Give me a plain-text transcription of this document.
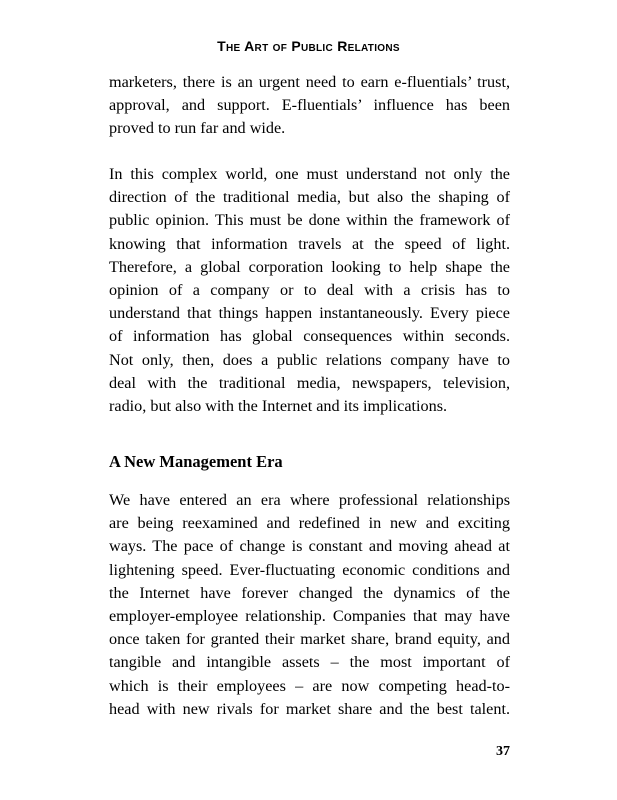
The Art of Public Relations
marketers, there is an urgent need to earn e-fluentials’ trust,
approval, and support. E-fluentials’ influence has been
proved to run far and wide.
In this complex world, one must understand not only the
direction of the traditional media, but also the shaping of
public opinion. This must be done within the framework of
knowing that information travels at the speed of light.
Therefore, a global corporation looking to help shape the
opinion of a company or to deal with a crisis has to
understand that things happen instantaneously. Every piece
of information has global consequences within seconds.
Not only, then, does a public relations company have to
deal with the traditional media, newspapers, television,
radio, but also with the Internet and its implications.
A New Management Era
We have entered an era where professional relationships
are being reexamined and redefined in new and exciting
ways. The pace of change is constant and moving ahead at
lightening speed. Ever-fluctuating economic conditions and
the Internet have forever changed the dynamics of the
employer-employee relationship. Companies that may have
once taken for granted their market share, brand equity, and
tangible and intangible assets – the most important of
which is their employees – are now competing head-to-
head with new rivals for market share and the best talent.
37
